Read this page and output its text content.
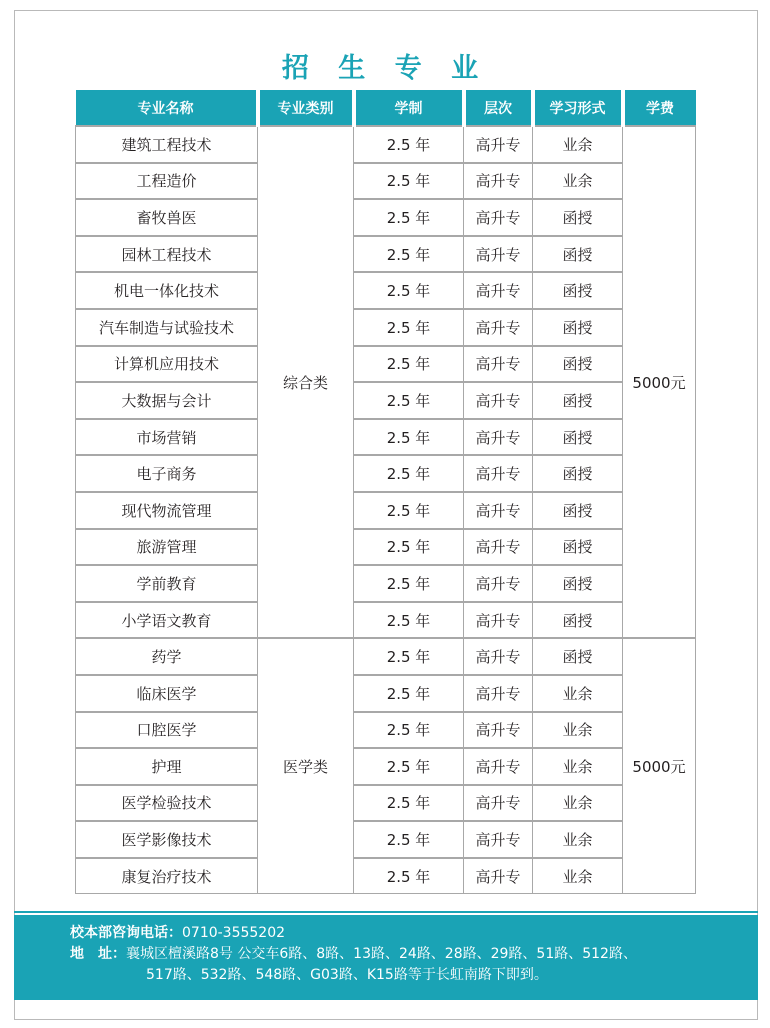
招 生 专 业
专业名称	专业类别	学制	层次	学习形式	学费
建筑工程技术	综合类	2.5 年	高升专	业余	5000元
工程造价		2.5 年	高升专	业余	
畜牧兽医		2.5 年	高升专	函授	
园林工程技术		2.5 年	高升专	函授	
机电一体化技术		2.5 年	高升专	函授	
汽车制造与试验技术		2.5 年	高升专	函授	
计算机应用技术		2.5 年	高升专	函授	
大数据与会计		2.5 年	高升专	函授	
市场营销		2.5 年	高升专	函授	
电子商务		2.5 年	高升专	函授	
现代物流管理		2.5 年	高升专	函授	
旅游管理		2.5 年	高升专	函授	
学前教育		2.5 年	高升专	函授	
小学语文教育		2.5 年	高升专	函授	
药学	医学类	2.5 年	高升专	函授	5000元
临床医学		2.5 年	高升专	业余	
口腔医学		2.5 年	高升专	业余	
护理		2.5 年	高升专	业余	
医学检验技术		2.5 年	高升专	业余	
医学影像技术		2.5 年	高升专	业余	
康复治疗技术		2.5 年	高升专	业余	
校本部咨询电话：0710-3555202
地　址：襄城区檀溪路8号 公交车6路、8路、13路、24路、28路、29路、51路、512路、
517路、532路、548路、G03路、K15路等于长虹南路下即到。
